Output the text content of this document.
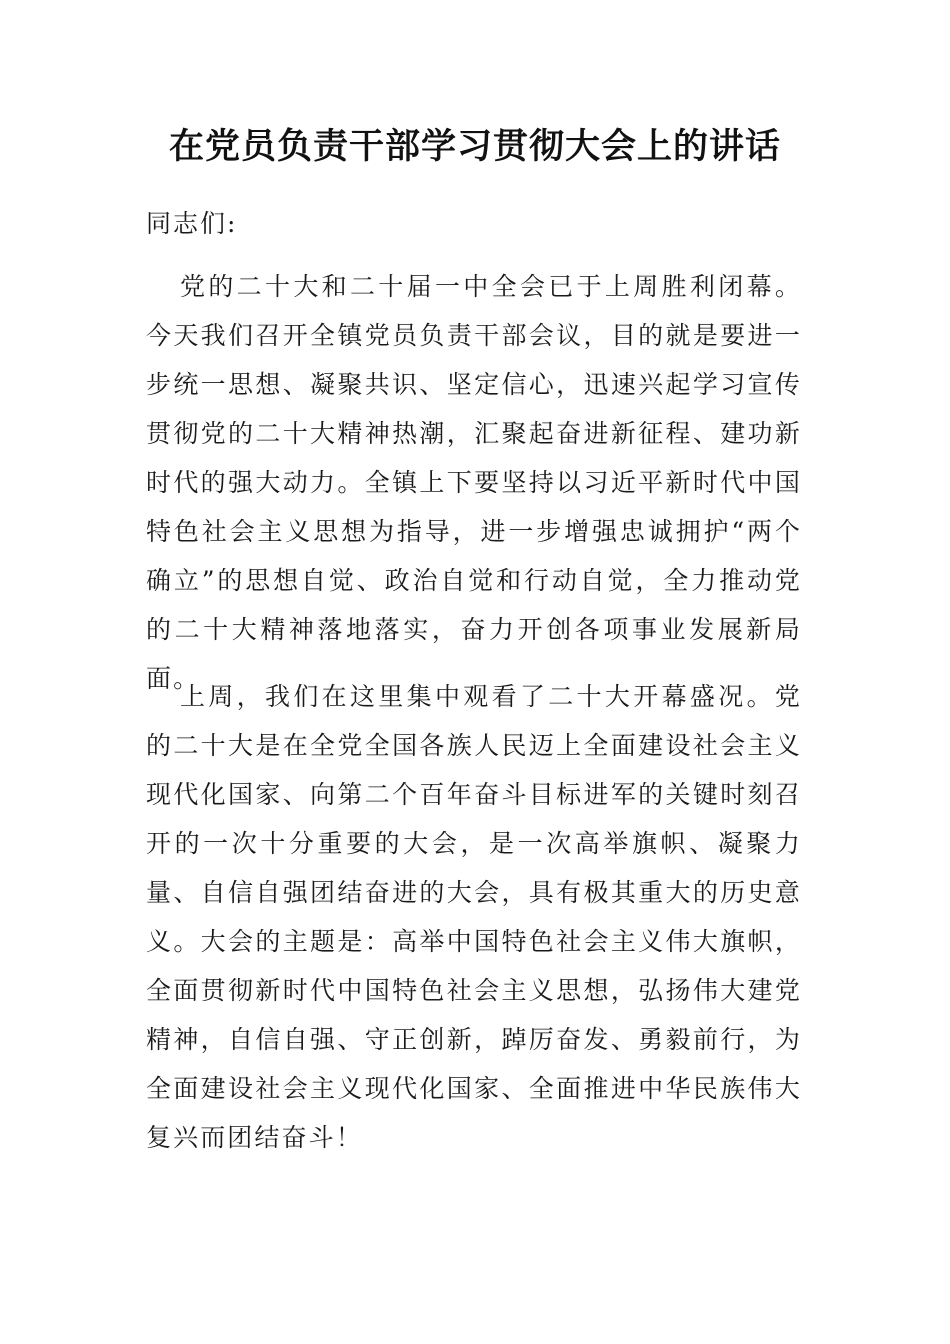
在党员负责干部学习贯彻大会上的讲话

同志们:

党的二十大和二十届一中全会已于上周胜利闭幕。今天我们召开全镇党员负责干部会议，目的就是要进一步统一思想、凝聚共识、坚定信心，迅速兴起学习宣传贯彻党的二十大精神热潮，汇聚起奋进新征程、建功新时代的强大动力。全镇上下要坚持以习近平新时代中国特色社会主义思想为指导，进一步增强忠诚拥护“两个确立”的思想自觉、政治自觉和行动自觉，全力推动党的二十大精神落地落实，奋力开创各项事业发展新局面。

上周，我们在这里集中观看了二十大开幕盛况。党的二十大是在全党全国各族人民迈上全面建设社会主义现代化国家、向第二个百年奋斗目标进军的关键时刻召开的一次十分重要的大会，是一次高举旗帜、凝聚力量、自信自强团结奋进的大会，具有极其重大的历史意义。大会的主题是：高举中国特色社会主义伟大旗帜，全面贯彻新时代中国特色社会主义思想，弘扬伟大建党精神，自信自强、守正创新，踔厉奋发、勇毅前行，为全面建设社会主义现代化国家、全面推进中华民族伟大复兴而团结奋斗！
